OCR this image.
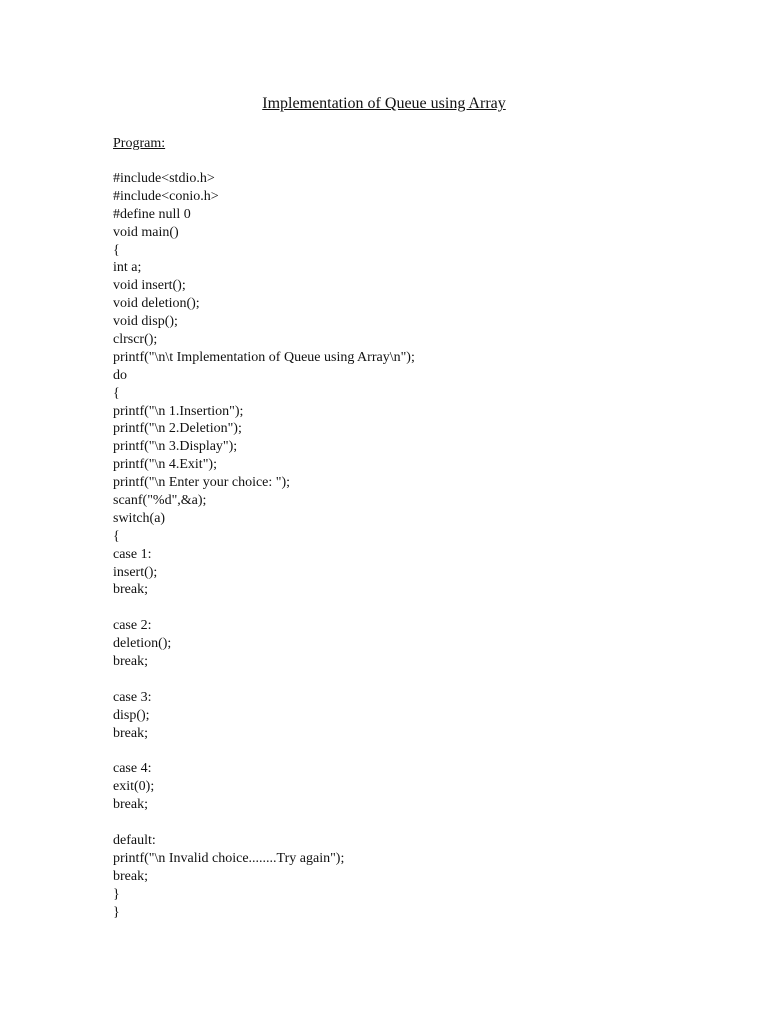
Implementation of Queue using Array
Program:
#include<stdio.h>
#include<conio.h>
#define null 0
void main()
{
int a;
void insert();
void deletion();
void disp();
clrscr();
printf("\n\t Implementation of Queue using Array\n");
do
{
printf("\n 1.Insertion");
printf("\n 2.Deletion");
printf("\n 3.Display");
printf("\n 4.Exit");
printf("\n Enter your choice: ");
scanf("%d",&a);
switch(a)
{
case 1:
insert();
break;
case 2:
deletion();
break;
case 3:
disp();
break;
case 4:
exit(0);
break;
default:
printf("\n Invalid choice........Try again");
break;
}
}
